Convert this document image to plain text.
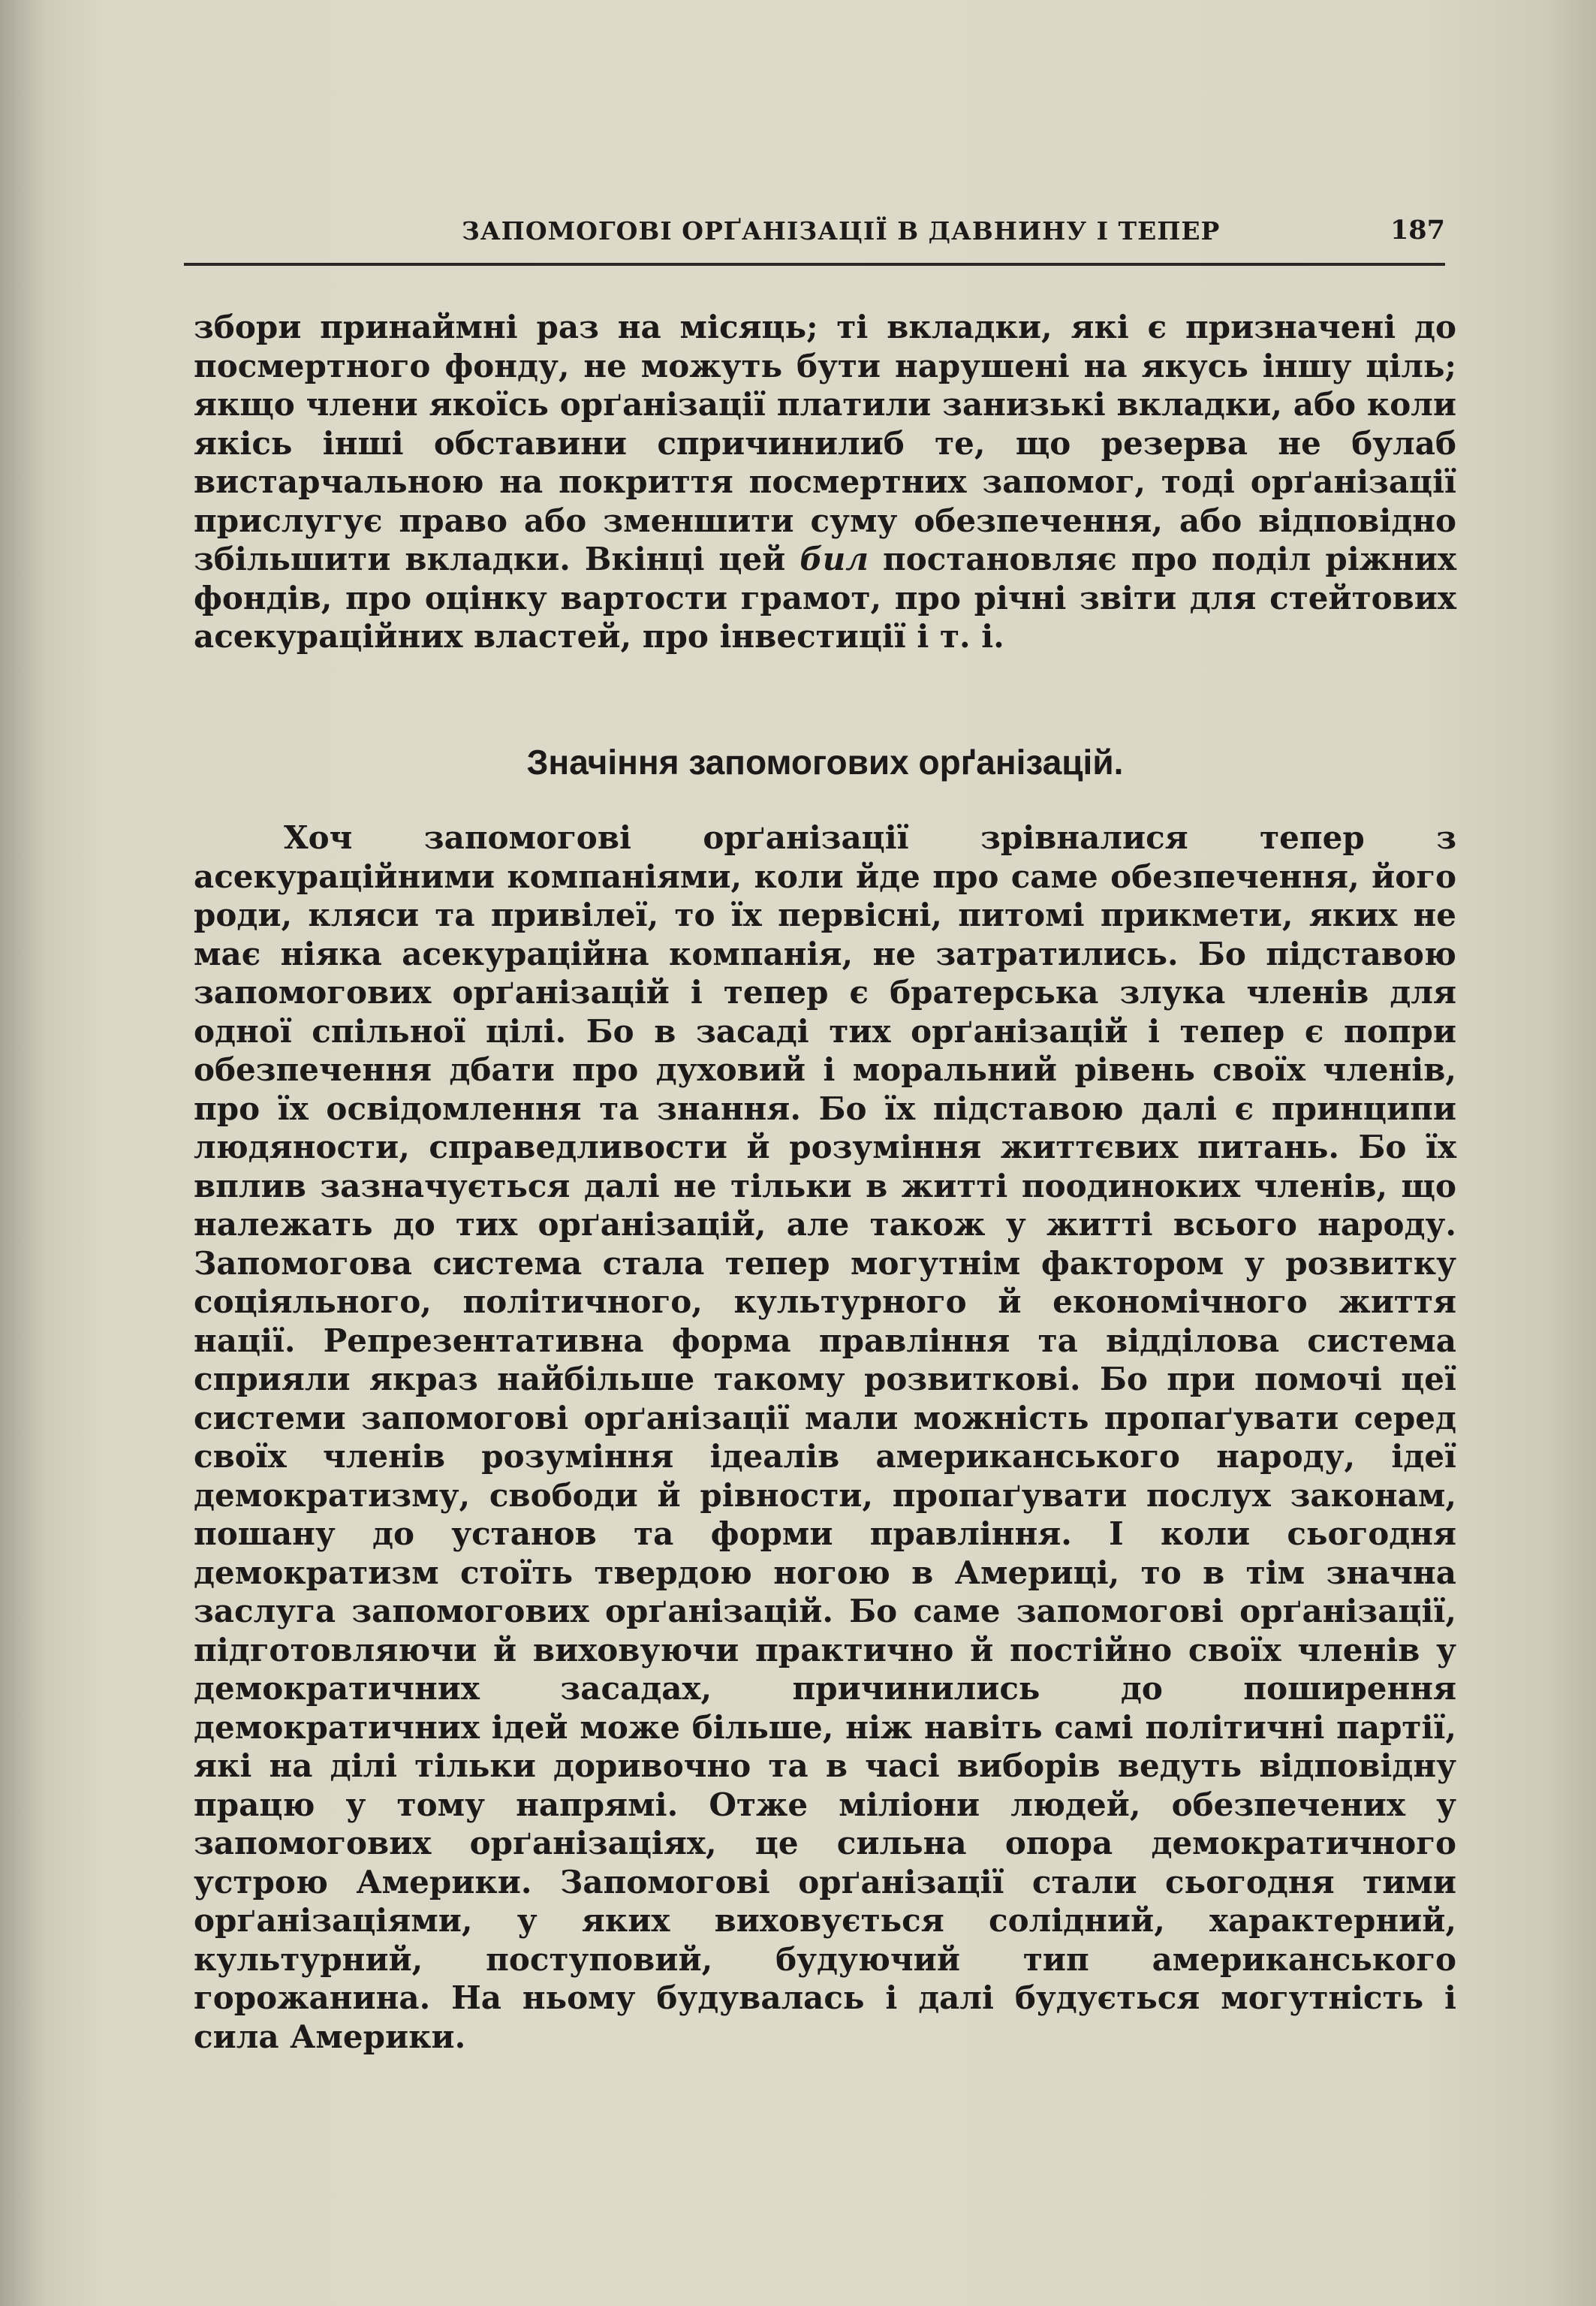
ЗАПОМОГОВІ ОРҐАНІЗАЦІЇ В ДАВНИНУ І ТЕПЕР	187

збори принаймні раз на місяць; ті вкладки, які є призначені до посмертного фонду, не можуть бути нарушені на якусь іншу ціль; якщо члени якоїсь орґанізації платили занизькі вкладки, або коли якісь інші обставини спричинилиб те, що резерва не булаб вистарчальною на покриття посмертних запомог, тоді орґанізації прислугує право або зменшити суму обезпечення, або відповідно збільшити вкладки. Вкінці цей бил постановляє про поділ ріжних фондів, про оцінку вартости грамот, про річні звіти для стейтових асекураційних властей, про інвестиції і т. і.

Значіння запомогових орґанізацій.

Хоч запомогові орґанізації зрівналися тепер з асекураційними компаніями, коли йде про саме обезпечення, його роди, кляси та привілеї, то їх первісні, питомі прикмети, яких не має ніяка асекураційна компанія, не затратились. Бо підставою запомогових орґанізацій і тепер є братерська злука членів для одної спільної цілі. Бо в засаді тих орґанізацій і тепер є попри обезпечення дбати про духовий і моральний рівень своїх членів, про їх освідомлення та знання. Бо їх підставою далі є принципи людяности, справедливости й розуміння життєвих питань. Бо їх вплив зазначується далі не тільки в житті поодиноких членів, що належать до тих орґанізацій, але також у житті всього народу. Запомогова система стала тепер могутнім фактором у розвитку соціяльного, політичного, культурного й економічного життя нації. Репрезентативна форма правління та відділова система сприяли якраз найбільше такому розвиткові. Бо при помочі цеї системи запомогові орґанізації мали можність пропаґувати серед своїх членів розуміння ідеалів американського народу, ідеї демократизму, свободи й рівности, пропаґувати послух законам, пошану до установ та форми правління. І коли сьогодня демократизм стоїть твердою ногою в Америці, то в тім значна заслуга запомогових орґанізацій. Бо саме запомогові орґанізації, підготовляючи й виховуючи практично й постійно своїх членів у демократичних засадах, причинились до поширення демократичних ідей може більше, ніж навіть самі політичні партії, які на ділі тільки доривочно та в часі виборів ведуть відповідну працю у тому напрямі. Отже міліони людей, обезпечених у запомогових орґанізаціях, це сильна опора демократичного устрою Америки. Запомогові орґанізації стали сьогодня тими орґанізаціями, у яких виховується солідний, характерний, культурний, поступовий, будуючий тип американського горожанина. На ньому будувалась і далі будується могутність і сила Америки.
